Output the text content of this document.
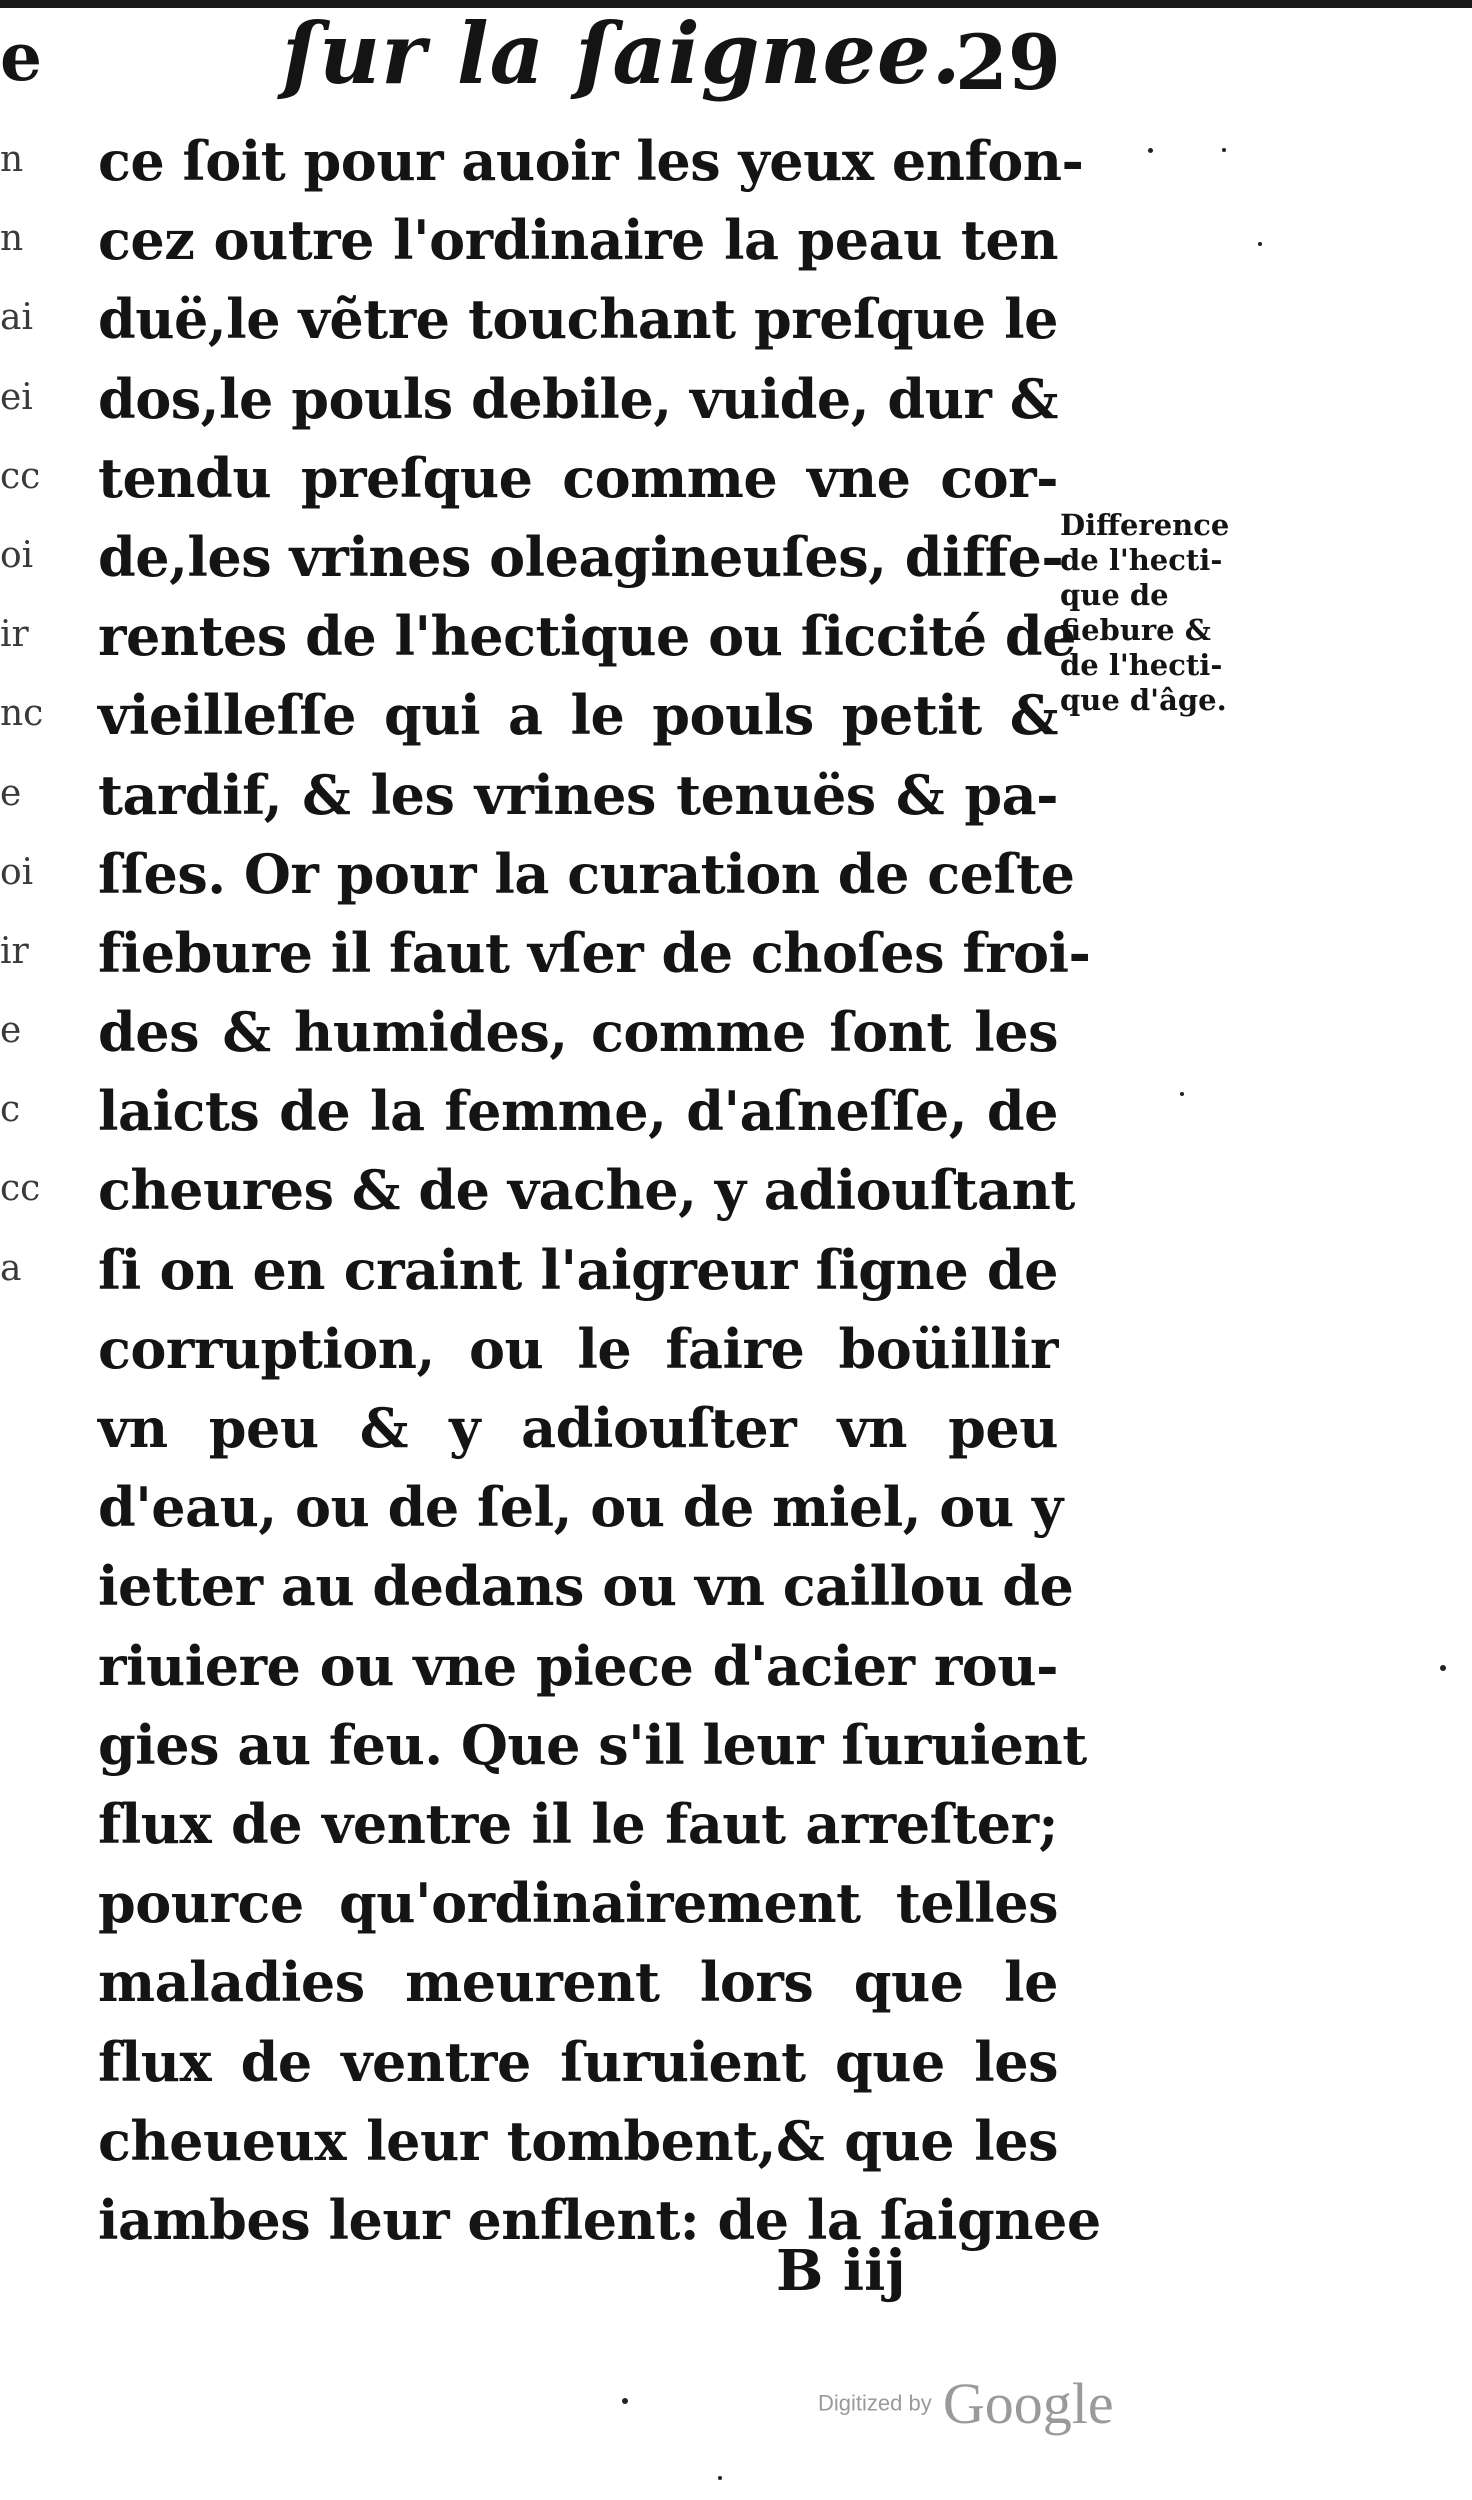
e	ſur la ſaignee.
29
n
n
ai
ei
cc
oi
ir
nc
e
oi
ir
e
c
cc
a
ce ſoit pour auoir les yeux enfon-
cez outre l'ordinaire la peau ten
duë,le vẽtre touchant preſque le
dos,le pouls debile, vuide, dur &
tendu preſque comme vne cor-
de,les vrines oleagineuſes, diffe-
rentes de l'hectique ou ſiccité de
vieilleſſe qui a le pouls petit &
tardif, & les vrines tenuës & pa-
ſſes. Or pour la curation de ceſte
fiebure il faut vſer de choſes froi-
des & humides, comme ſont les
laicts de la femme, d'aſneſſe, de
cheures & de vache, y adiouſtant
ſi on en craint l'aigreur ſigne de
corruption, ou le faire boüillir
vn peu & y adiouſter vn peu
d'eau, ou de ſel, ou de miel, ou y
ietter au dedans ou vn caillou de
riuiere ou vne piece d'acier rou-
gies au feu. Que s'il leur ſuruient
flux de ventre il le faut arreſter;
pource qu'ordinairement telles
maladies meurent lors que le
flux de ventre ſuruient que les
cheueux leur tombent,& que les
iambes leur enflent: de la ſaignee
Difference
de l'hecti-
que de
fiebure &
de l'hecti-
que d'âge.
B iij
Digitized by Google
